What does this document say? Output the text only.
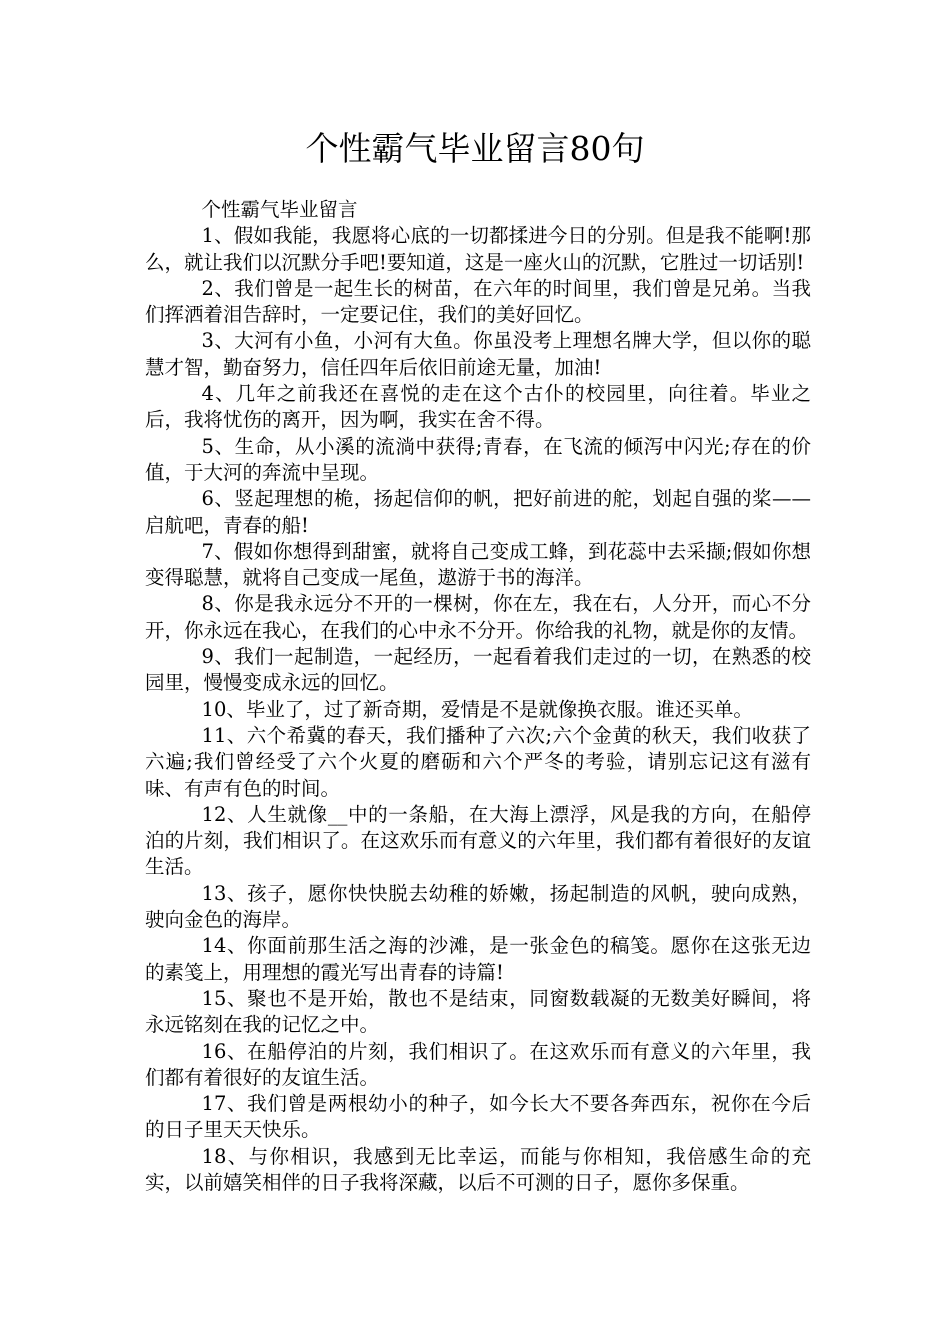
个性霸气毕业留言80句

个性霸气毕业留言

1、假如我能，我愿将心底的一切都揉进今日的分别。但是我不能啊!那么，就让我们以沉默分手吧!要知道，这是一座火山的沉默，它胜过一切话别!

2、我们曾是一起生长的树苗，在六年的时间里，我们曾是兄弟。当我们挥洒着泪告辞时，一定要记住，我们的美好回忆。

3、大河有小鱼，小河有大鱼。你虽没考上理想名牌大学，但以你的聪慧才智，勤奋努力，信任四年后依旧前途无量，加油!

4、几年之前我还在喜悦的走在这个古仆的校园里，向往着。毕业之后，我将忧伤的离开，因为啊，我实在舍不得。

5、生命，从小溪的流淌中获得;青春，在飞流的倾泻中闪光;存在的价值，于大河的奔流中呈现。

6、竖起理想的桅，扬起信仰的帆，把好前进的舵，划起自强的桨——启航吧，青春的船!

7、假如你想得到甜蜜，就将自己变成工蜂，到花蕊中去采撷;假如你想变得聪慧，就将自己变成一尾鱼，遨游于书的海洋。

8、你是我永远分不开的一棵树，你在左，我在右，人分开，而心不分开，你永远在我心，在我们的心中永不分开。你给我的礼物，就是你的友情。

9、我们一起制造，一起经历，一起看着我们走过的一切，在熟悉的校园里，慢慢变成永远的回忆。

10、毕业了，过了新奇期，爱情是不是就像换衣服。谁还买单。

11、六个希冀的春天，我们播种了六次;六个金黄的秋天，我们收获了六遍;我们曾经受了六个火夏的磨砺和六个严冬的考验，请别忘记这有滋有味、有声有色的时间。

12、人生就像__中的一条船，在大海上漂浮，风是我的方向，在船停泊的片刻，我们相识了。在这欢乐而有意义的六年里，我们都有着很好的友谊生活。

13、孩子，愿你快快脱去幼稚的娇嫩，扬起制造的风帆，驶向成熟，驶向金色的海岸。

14、你面前那生活之海的沙滩，是一张金色的稿笺。愿你在这张无边的素笺上，用理想的霞光写出青春的诗篇!

15、聚也不是开始，散也不是结束，同窗数载凝的无数美好瞬间，将永远铭刻在我的记忆之中。

16、在船停泊的片刻，我们相识了。在这欢乐而有意义的六年里，我们都有着很好的友谊生活。

17、我们曾是两根幼小的种子，如今长大不要各奔西东，祝你在今后的日子里天天快乐。

18、与你相识，我感到无比幸运，而能与你相知，我倍感生命的充实，以前嬉笑相伴的日子我将深藏，以后不可测的日子，愿你多保重。
